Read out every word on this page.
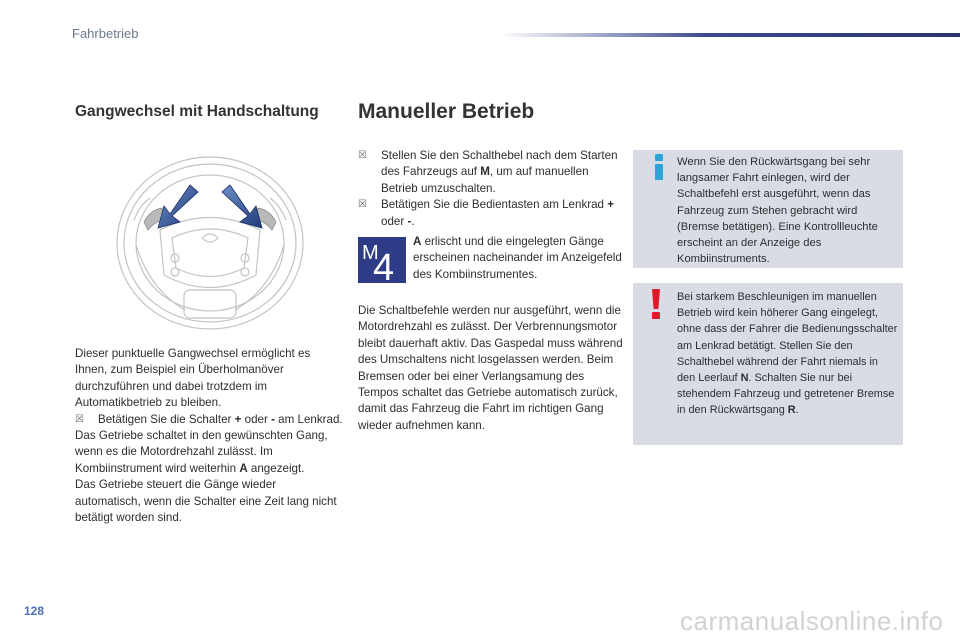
Fahrbetrieb
Gangwechsel mit Handschaltung Manueller Betrieb
Dieser punktuelle Gangwechsel ermöglicht es Ihnen, zum Beispiel ein Überholmanöver durchzuführen und dabei trotzdem im Automatikbetrieb zu bleiben.
☒ Betätigen Sie die Schalter + oder - am Lenkrad.
Das Getriebe schaltet in den gewünschten Gang, wenn es die Motordrehzahl zulässt. Im Kombiinstrument wird weiterhin A angezeigt.
Das Getriebe steuert die Gänge wieder automatisch, wenn die Schalter eine Zeit lang nicht betätigt worden sind.
☒ Stellen Sie den Schalthebel nach dem Starten des Fahrzeugs auf M, um auf manuellen Betrieb umzuschalten.
☒ Betätigen Sie die Bedientasten am Lenkrad + oder -.
M
4
A erlischt und die eingelegten Gänge erscheinen nacheinander im Anzeigefeld des Kombiinstrumentes.
Die Schaltbefehle werden nur ausgeführt, wenn die Motordrehzahl es zulässt. Der Verbrennungsmotor bleibt dauerhaft aktiv. Das Gaspedal muss während des Umschaltens nicht losgelassen werden. Beim Bremsen oder bei einer Verlangsamung des Tempos schaltet das Getriebe automatisch zurück, damit das Fahrzeug die Fahrt im richtigen Gang wieder aufnehmen kann.
Wenn Sie den Rückwärtsgang bei sehr langsamer Fahrt einlegen, wird der Schaltbefehl erst ausgeführt, wenn das Fahrzeug zum Stehen gebracht wird (Bremse betätigen). Eine Kontrollleuchte erscheint an der Anzeige des Kombiinstruments.
Bei starkem Beschleunigen im manuellen Betrieb wird kein höherer Gang eingelegt, ohne dass der Fahrer die Bedienungsschalter am Lenkrad betätigt. Stellen Sie den Schalthebel während der Fahrt niemals in den Leerlauf N. Schalten Sie nur bei stehendem Fahrzeug und getretener Bremse in den Rückwärtsgang R.
128	carmanualsonline.info
